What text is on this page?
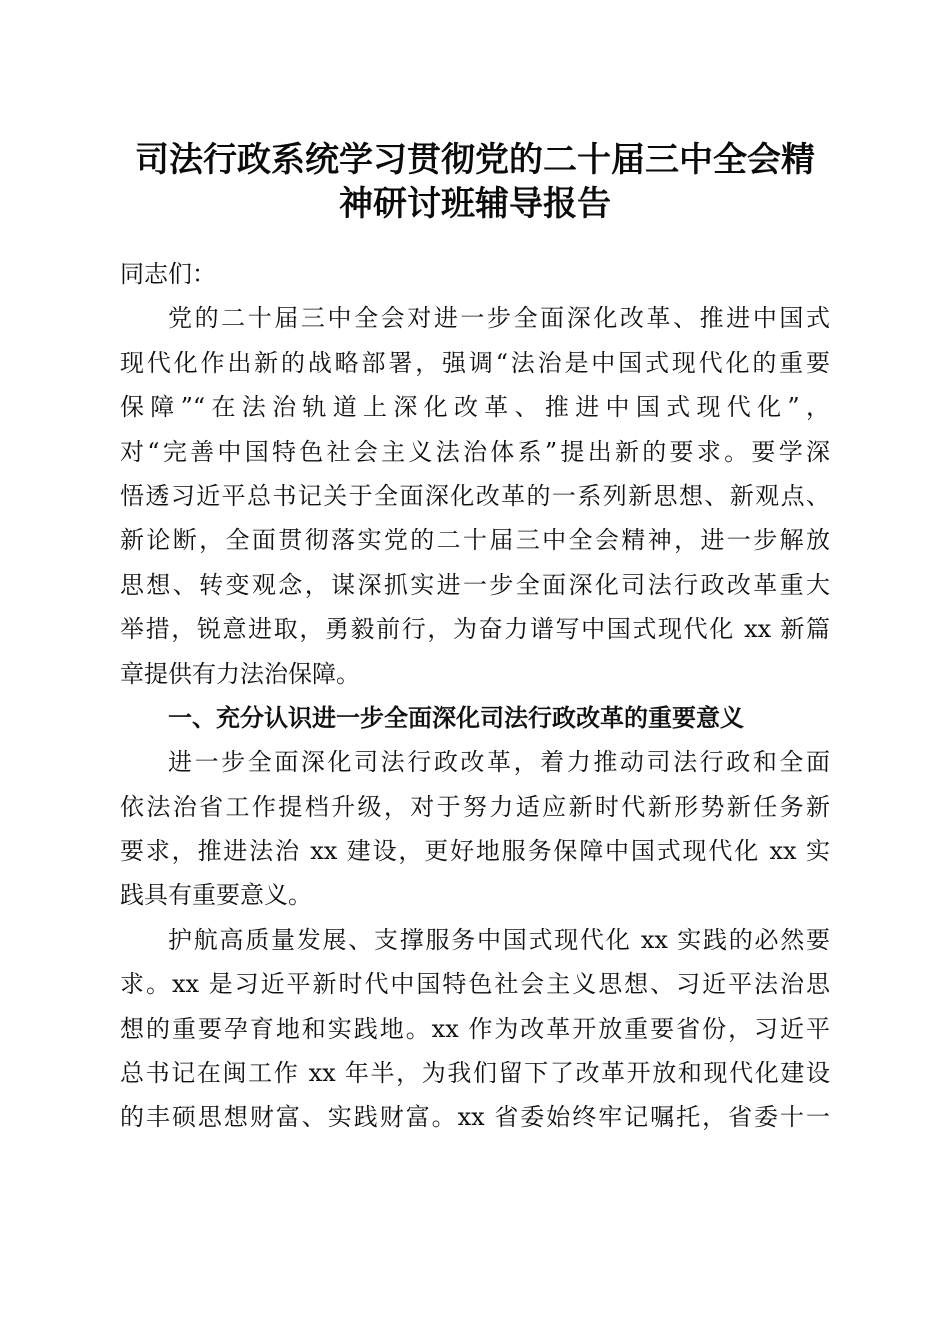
司法行政系统学习贯彻党的二十届三中全会精
神研讨班辅导报告
同志们：
党的二十届三中全会对进一步全面深化改革、推进中国式
现代化作出新的战略部署，强调“法治是中国式现代化的重要
保障”“在法治轨道上深化改革、推进中国式现代化”，
对“完善中国特色社会主义法治体系”提出新的要求。要学深
悟透习近平总书记关于全面深化改革的一系列新思想、新观点、
新论断，全面贯彻落实党的二十届三中全会精神，进一步解放
思想、转变观念，谋深抓实进一步全面深化司法行政改革重大
举措，锐意进取，勇毅前行，为奋力谱写中国式现代化 xx 新篇
章提供有力法治保障。
一、充分认识进一步全面深化司法行政改革的重要意义
进一步全面深化司法行政改革，着力推动司法行政和全面
依法治省工作提档升级，对于努力适应新时代新形势新任务新
要求，推进法治 xx 建设，更好地服务保障中国式现代化 xx 实
践具有重要意义。
护航高质量发展、支撑服务中国式现代化 xx 实践的必然要
求。xx 是习近平新时代中国特色社会主义思想、习近平法治思
想的重要孕育地和实践地。xx 作为改革开放重要省份，习近平
总书记在闽工作 xx 年半，为我们留下了改革开放和现代化建设
的丰硕思想财富、实践财富。xx 省委始终牢记嘱托，省委十一
